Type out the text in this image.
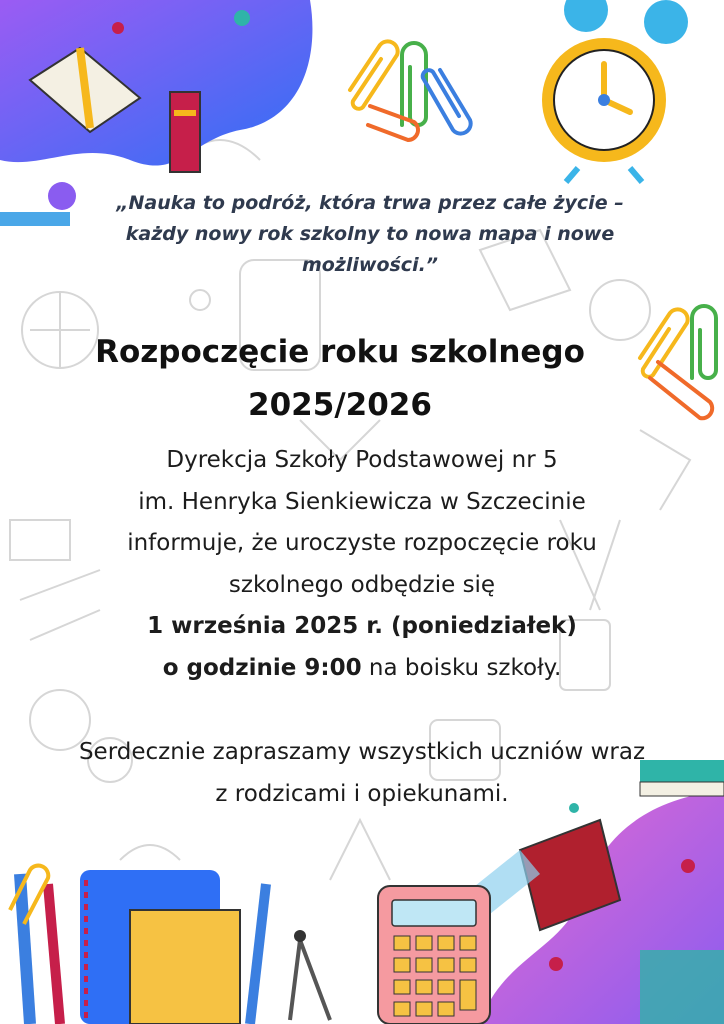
„Nauka to podróż, która trwa przez całe życie –
każdy nowy rok szkolny to nowa mapa i nowe
możliwości.”
Rozpoczęcie roku szkolnego
2025/2026
Dyrekcja Szkoły Podstawowej nr 5
im. Henryka Sienkiewicza w Szczecinie
informuje, że uroczyste rozpoczęcie roku
szkolnego odbędzie się
1 września 2025 r. (poniedziałek)
o godzinie 9:00 na boisku szkoły.
Serdecznie zapraszamy wszystkich uczniów wraz
z rodzicami i opiekunami.
